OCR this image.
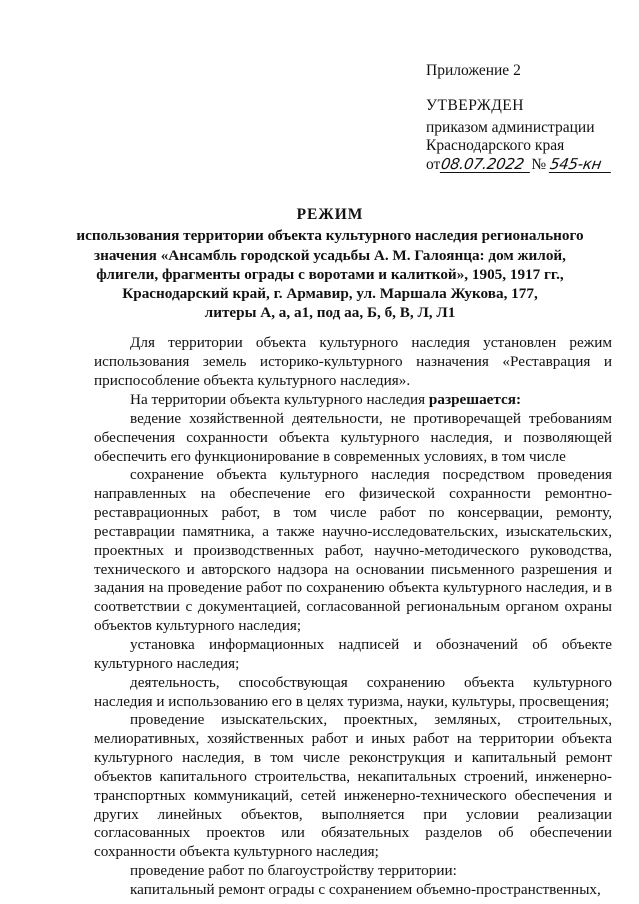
Приложение 2
УТВЕРЖДЕН
приказом администрации
Краснодарского края
от08.07.2022 № 545-кн
РЕЖИМ
использования территории объекта культурного наследия регионального
значения «Ансамбль городской усадьбы А. М. Галоянца: дом жилой,
флигели, фрагменты ограды с воротами и калиткой», 1905, 1917 гг.,
Краснодарский край, г. Армавир, ул. Маршала Жукова, 177,
литеры А, а, а1, под аа, Б, б, В, Л, Л1

Для территории объекта культурного наследия установлен режим использования земель историко-культурного назначения «Реставрация и приспособление объекта культурного наследия».

На территории объекта культурного наследия разрешается:

ведение хозяйственной деятельности, не противоречащей требованиям обеспечения сохранности объекта культурного наследия, и позволяющей обеспечить его функционирование в современных условиях, в том числе

сохранение объекта культурного наследия посредством проведения направленных на обеспечение его физической сохранности ремонтно-реставрационных работ, в том числе работ по консервации, ремонту, реставрации памятника, а также научно-исследовательских, изыскательских, проектных и производственных работ, научно-методического руководства, технического и авторского надзора на основании письменного разрешения и задания на проведение работ по сохранению объекта культурного наследия, и в соответствии с документацией, согласованной региональным органом охраны объектов культурного наследия;

установка информационных надписей и обозначений об объекте культурного наследия;

деятельность, способствующая сохранению объекта культурного наследия и использованию его в целях туризма, науки, культуры, просвещения;

проведение изыскательских, проектных, земляных, строительных, мелиоративных, хозяйственных работ и иных работ на территории объекта культурного наследия, в том числе реконструкция и капитальный ремонт объектов капитального строительства, некапитальных строений, инженерно-транспортных коммуникаций, сетей инженерно-технического обеспечения и других линейных объектов, выполняется при условии реализации согласованных проектов или обязательных разделов об обеспечении сохранности объекта культурного наследия;

проведение работ по благоустройству территории:

капитальный ремонт ограды с сохранением объемно-пространственных,
